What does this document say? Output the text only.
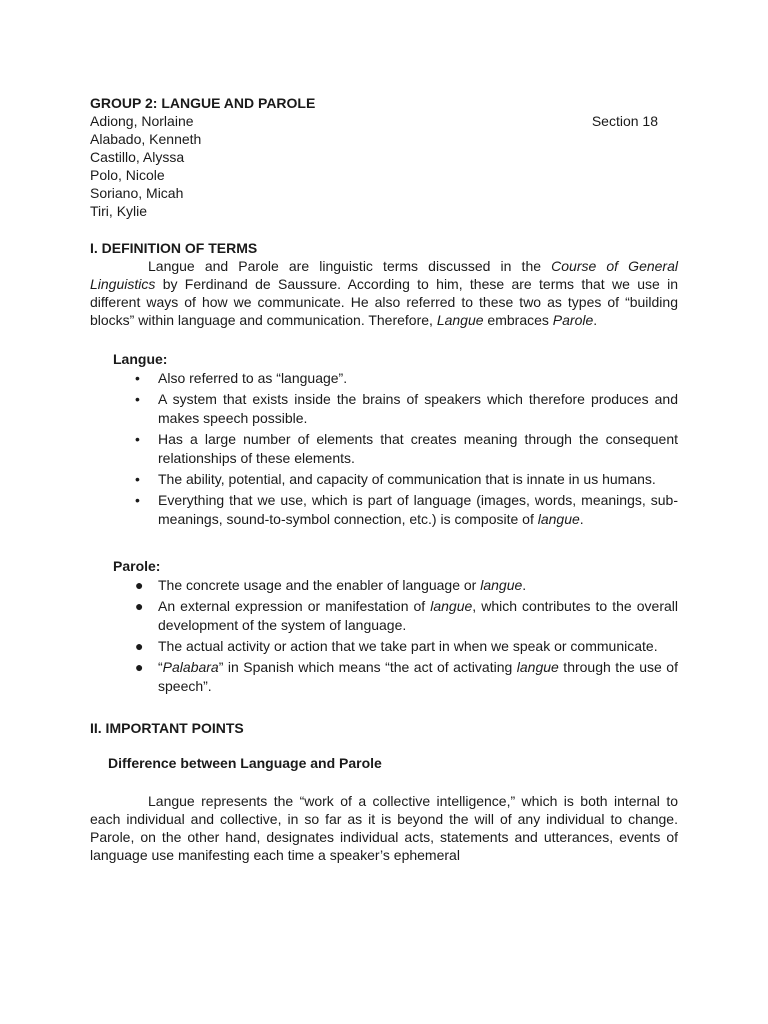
GROUP 2: LANGUE AND PAROLE
Adiong, Norlaine
Alabado, Kenneth
Castillo, Alyssa
Polo, Nicole
Soriano, Micah
Tiri, Kylie
Section 18

I. DEFINITION OF TERMS

Langue and Parole are linguistic terms discussed in the Course of General Linguistics by Ferdinand de Saussure. According to him, these are terms that we use in different ways of how we communicate. He also referred to these two as types of “building blocks” within language and communication. Therefore, Langue embraces Parole.

Langue:

•	Also referred to as “language”.
•	A system that exists inside the brains of speakers which therefore produces and makes speech possible.
•	Has a large number of elements that creates meaning through the consequent relationships of these elements.
•	The ability, potential, and capacity of communication that is innate in us humans.
•	Everything that we use, which is part of language (images, words, meanings, sub-meanings, sound-to-symbol connection, etc.) is composite of langue.

Parole:

● The concrete usage and the enabler of language or langue.
● An external expression or manifestation of langue, which contributes to the overall development of the system of language.
● The actual activity or action that we take part in when we speak or communicate.
● “Palabara” in Spanish which means “the act of activating langue through the use of speech”.

II. IMPORTANT POINTS

Difference between Language and Parole

Langue represents the “work of a collective intelligence,” which is both internal to each individual and collective, in so far as it is beyond the will of any individual to change. Parole, on the other hand, designates individual acts, statements and utterances, events of language use manifesting each time a speaker’s ephemeral
